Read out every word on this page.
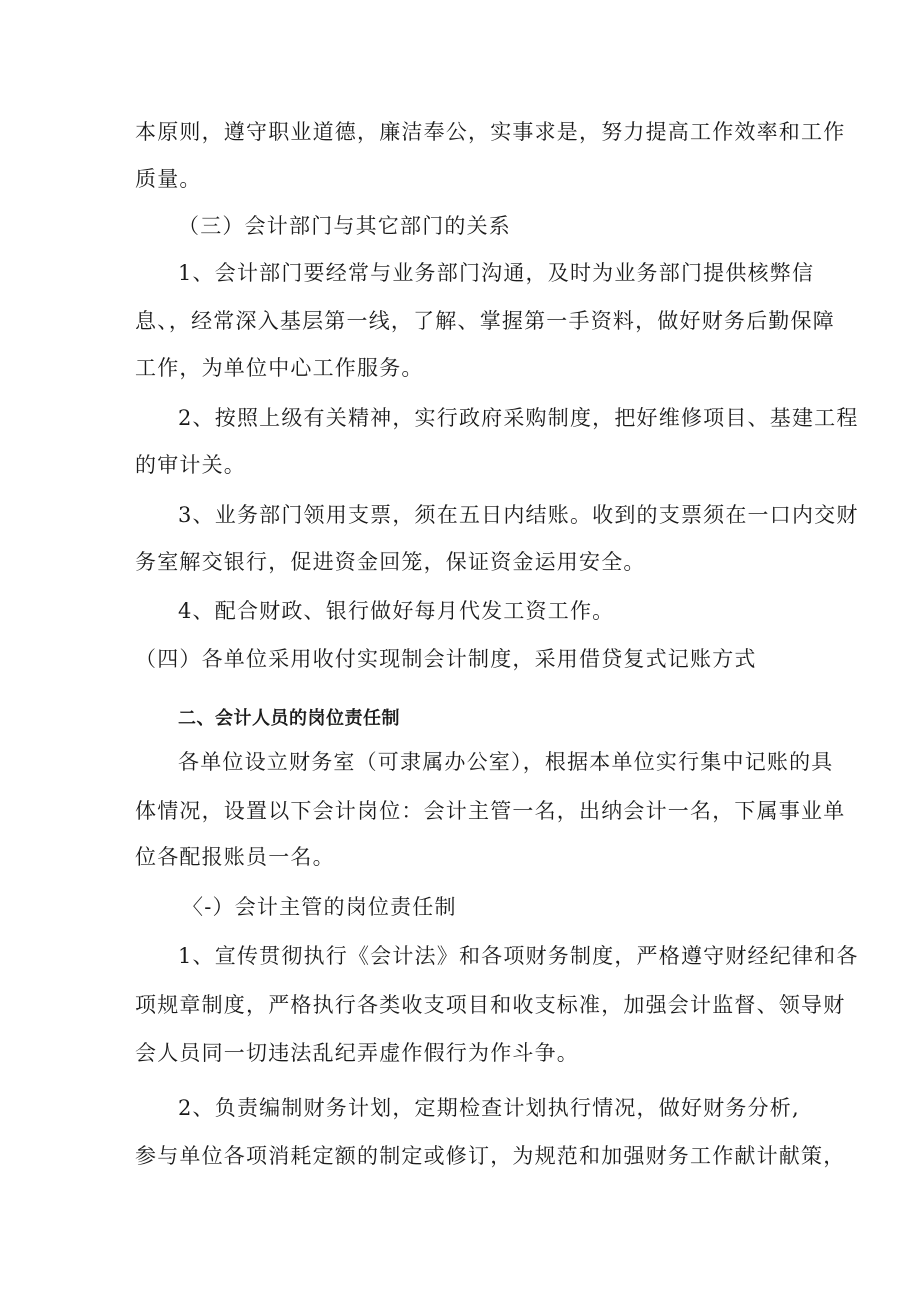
本原则，遵守职业道德，廉洁奉公，实事求是，努力提高工作效率和工作
质量。
（三）会计部门与其它部门的关系
1、会计部门要经常与业务部门沟通，及时为业务部门提供核弊信
息、，经常深入基层第一线，了解、掌握第一手资料，做好财务后勤保障
工作，为单位中心工作服务。
2、按照上级有关精神，实行政府采购制度，把好维修项目、基建工程
的审计关。
3、业务部门领用支票，须在五日内结账。收到的支票须在一口内交财
务室解交银行，促进资金回笼，保证资金运用安全。
4、配合财政、银行做好每月代发工资工作。
（四）各单位采用收付实现制会计制度，采用借贷复式记账方式
二、会计人员的岗位责任制
各单位设立财务室（可隶属办公室），根据本单位实行集中记账的具
体情况，设置以下会计岗位：会计主管一名，出纳会计一名，下属事业单
位各配报账员一名。
〈-）会计主管的岗位责任制
1、宣传贯彻执行《会计法》和各项财务制度，严格遵守财经纪律和各
项规章制度，严格执行各类收支项目和收支标准，加强会计监督、领导财
会人员同一切违法乱纪弄虚作假行为作斗争。
2、负责编制财务计划，定期检查计划执行情况，做好财务分析,
参与单位各项消耗定额的制定或修订，为规范和加强财务工作献计献策，
